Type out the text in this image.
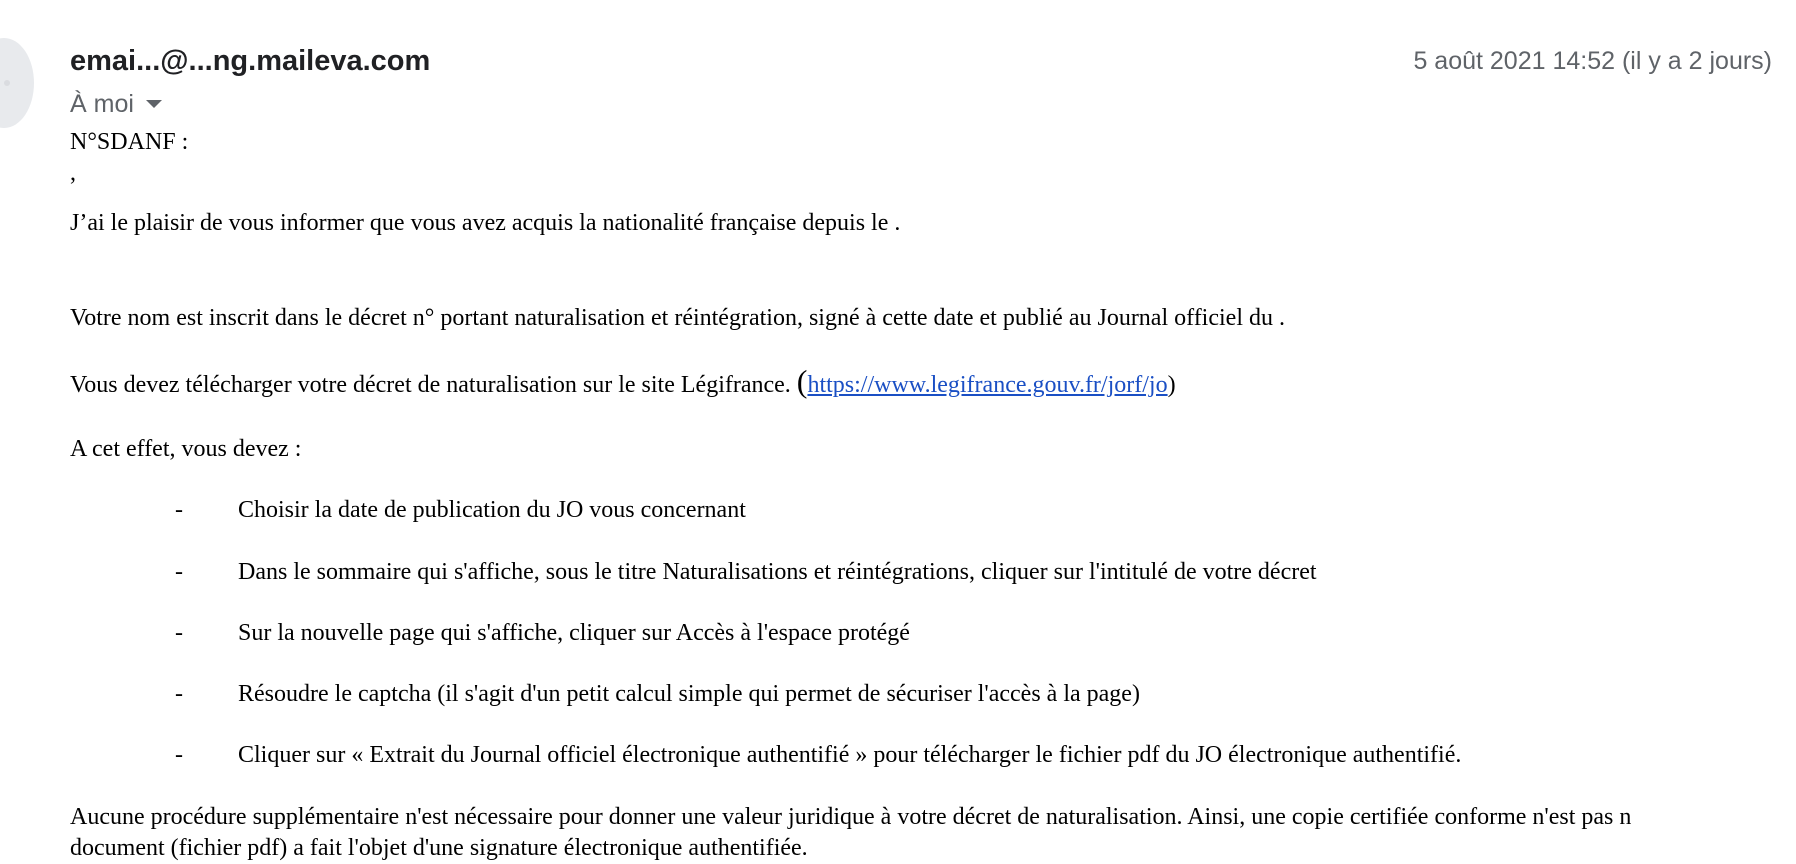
emai...@...ng.maileva.com	5 août 2021 14:52 (il y a 2 jours)
À moi
N°SDANF :
,
J’ai le plaisir de vous informer que vous avez acquis la nationalité française depuis le .
Votre nom est inscrit dans le décret n° portant naturalisation et réintégration, signé à cette date et publié au Journal officiel du .
Vous devez télécharger votre décret de naturalisation sur le site Légifrance. (https://www.legifrance.gouv.fr/jorf/jo)
A cet effet, vous devez :
- Choisir la date de publication du JO vous concernant
- Dans le sommaire qui s'affiche, sous le titre Naturalisations et réintégrations, cliquer sur l'intitulé de votre décret
- Sur la nouvelle page qui s'affiche, cliquer sur Accès à l'espace protégé
- Résoudre le captcha (il s'agit d'un petit calcul simple qui permet de sécuriser l'accès à la page)
- Cliquer sur « Extrait du Journal officiel électronique authentifié » pour télécharger le fichier pdf du JO électronique authentifié.
Aucune procédure supplémentaire n'est nécessaire pour donner une valeur juridique à votre décret de naturalisation. Ainsi, une copie certifiée conforme n'est pas n
document (fichier pdf) a fait l'objet d'une signature électronique authentifiée.
